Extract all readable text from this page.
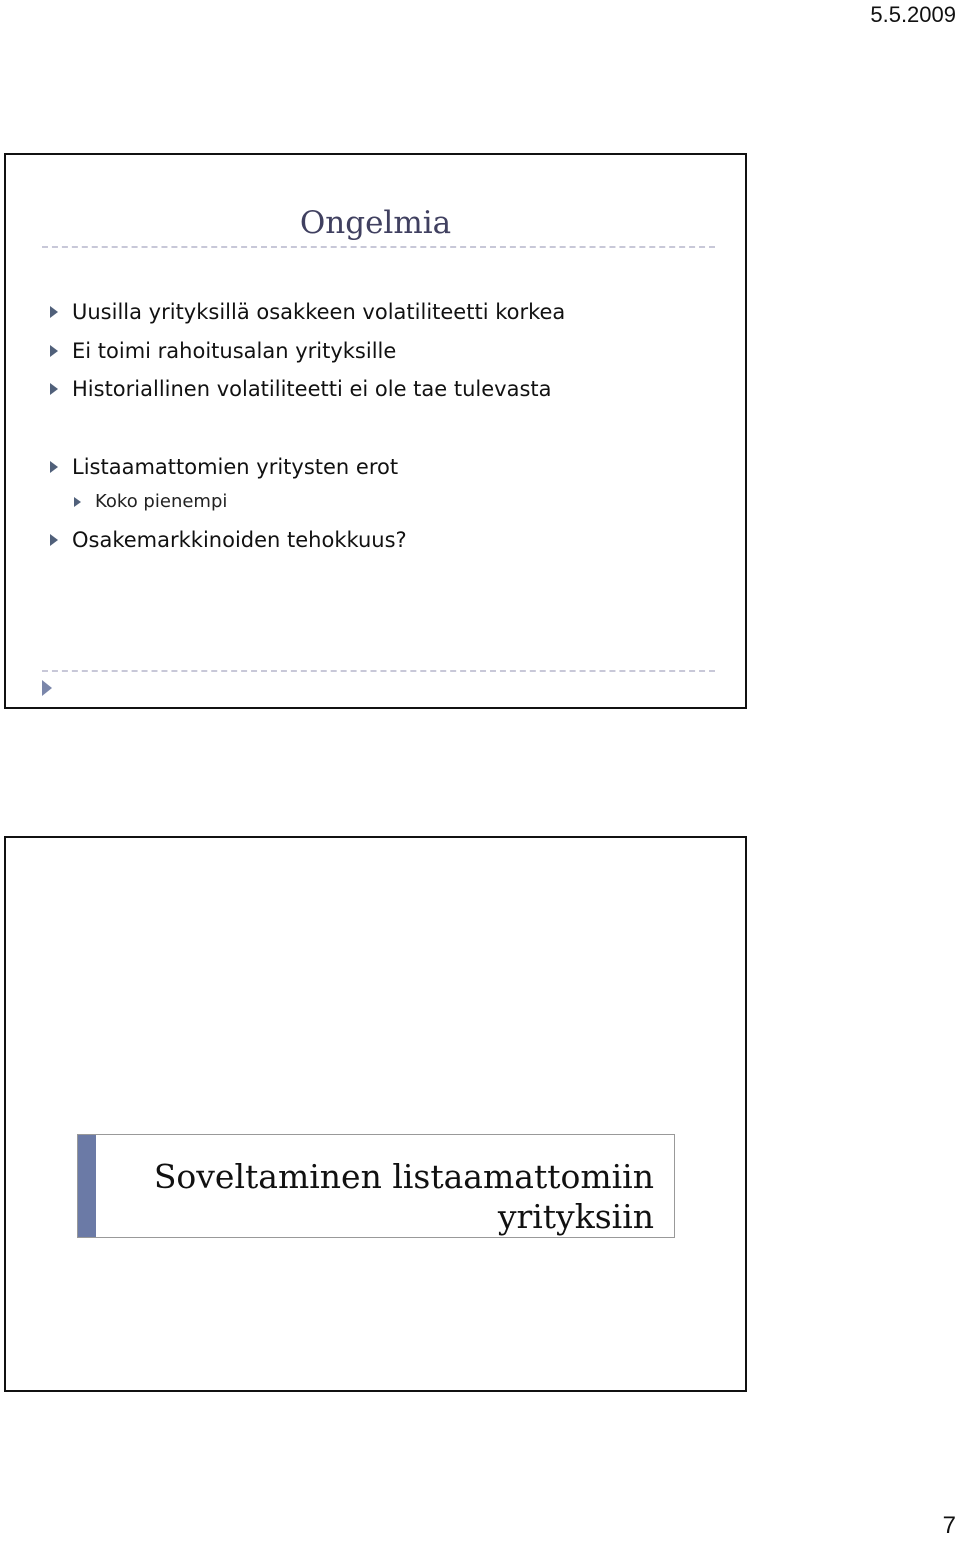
5.5.2009
Ongelmia
Uusilla yrityksillä osakkeen volatiliteetti korkea
Ei toimi rahoitusalan yrityksille
Historiallinen volatiliteetti ei ole tae tulevasta
Listaamattomien yritysten erot
Koko pienempi
Osakemarkkinoiden tehokkuus?
Soveltaminen listaamattomiin
yrityksiin
7
